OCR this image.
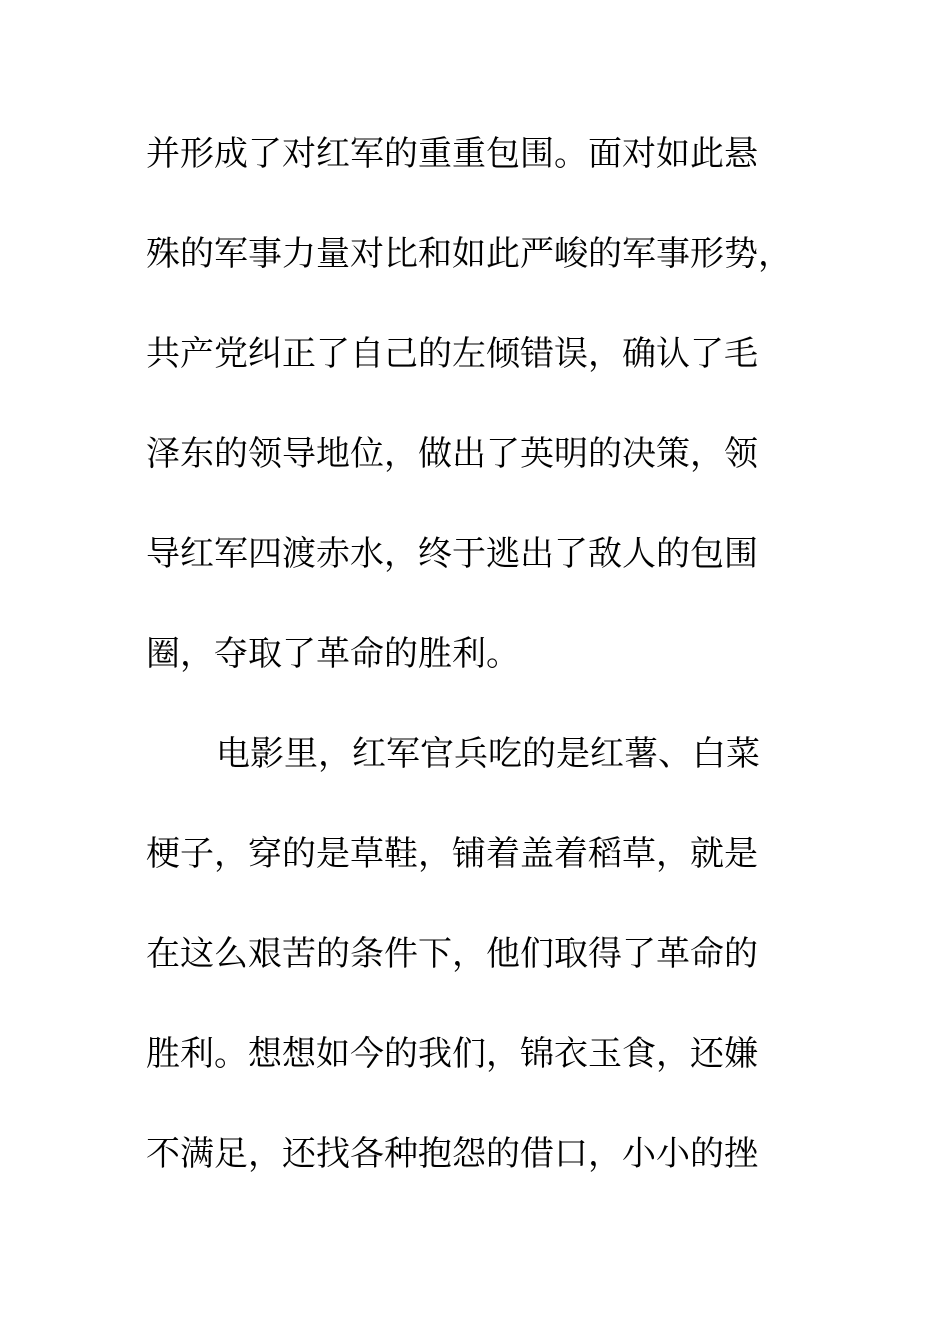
并形成了对红军的重重包围。面对如此悬
殊的军事力量对比和如此严峻的军事形势，
共产党纠正了自己的左倾错误，确认了毛
泽东的领导地位，做出了英明的决策，领
导红军四渡赤水，终于逃出了敌人的包围
圈，夺取了革命的胜利。
电影里，红军官兵吃的是红薯、白菜
梗子，穿的是草鞋，铺着盖着稻草，就是
在这么艰苦的条件下，他们取得了革命的
胜利。想想如今的我们，锦衣玉食，还嫌
不满足，还找各种抱怨的借口，小小的挫
